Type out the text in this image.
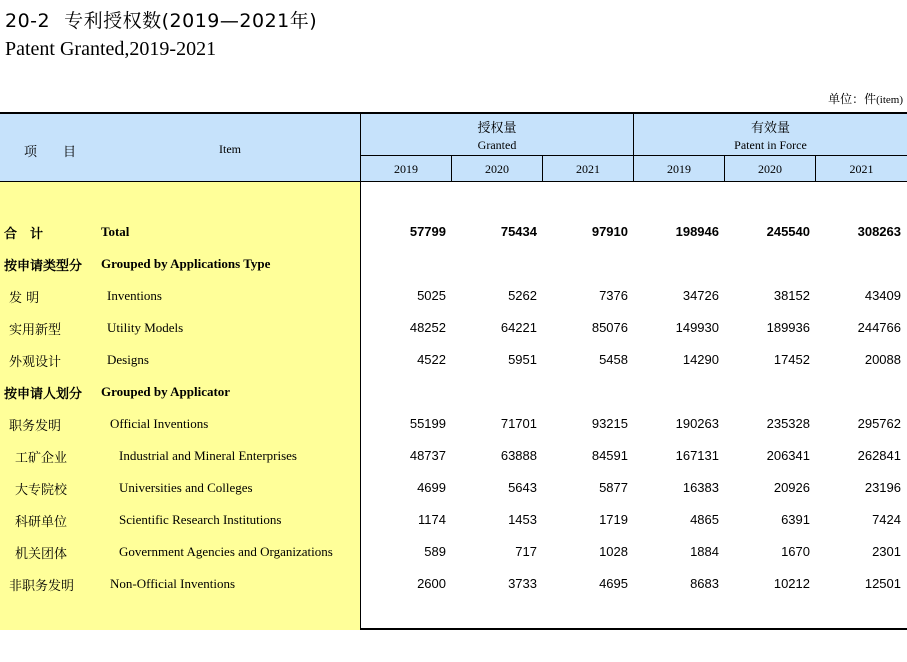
20-2 专利授权数(2019—2021年)
Patent Granted,2019-2021
单位：件(item)
项　　目	Item
授权量
Granted
有效量
Patent in Force
2019	2020	2021	2019	2020	2021
合　计	Total	57799	75434	97910	198946	245540	308263
按申请类型分 Grouped by Applications Type
发 明	Inventions	5025	5262	7376	34726	38152	43409
实用新型	Utility Models	48252	64221	85076	149930	189936	244766
外观设计	Designs	4522	5951	5458	14290	17452	20088
按申请人划分 Grouped by Applicator
职务发明	Official Inventions	55199	71701	93215	190263	235328	295762
工矿企业	Industrial and Mineral Enterprises	48737	63888	84591	167131	206341	262841
大专院校	Universities and Colleges	4699	5643	5877	16383	20926	23196
科研单位	Scientific Research Institutions	1174	1453	1719	4865	6391	7424
机关团体	Government Agencies and Organizations	589	717	1028	1884	1670	2301
非职务发明	Non-Official Inventions	2600	3733	4695	8683	10212	12501
